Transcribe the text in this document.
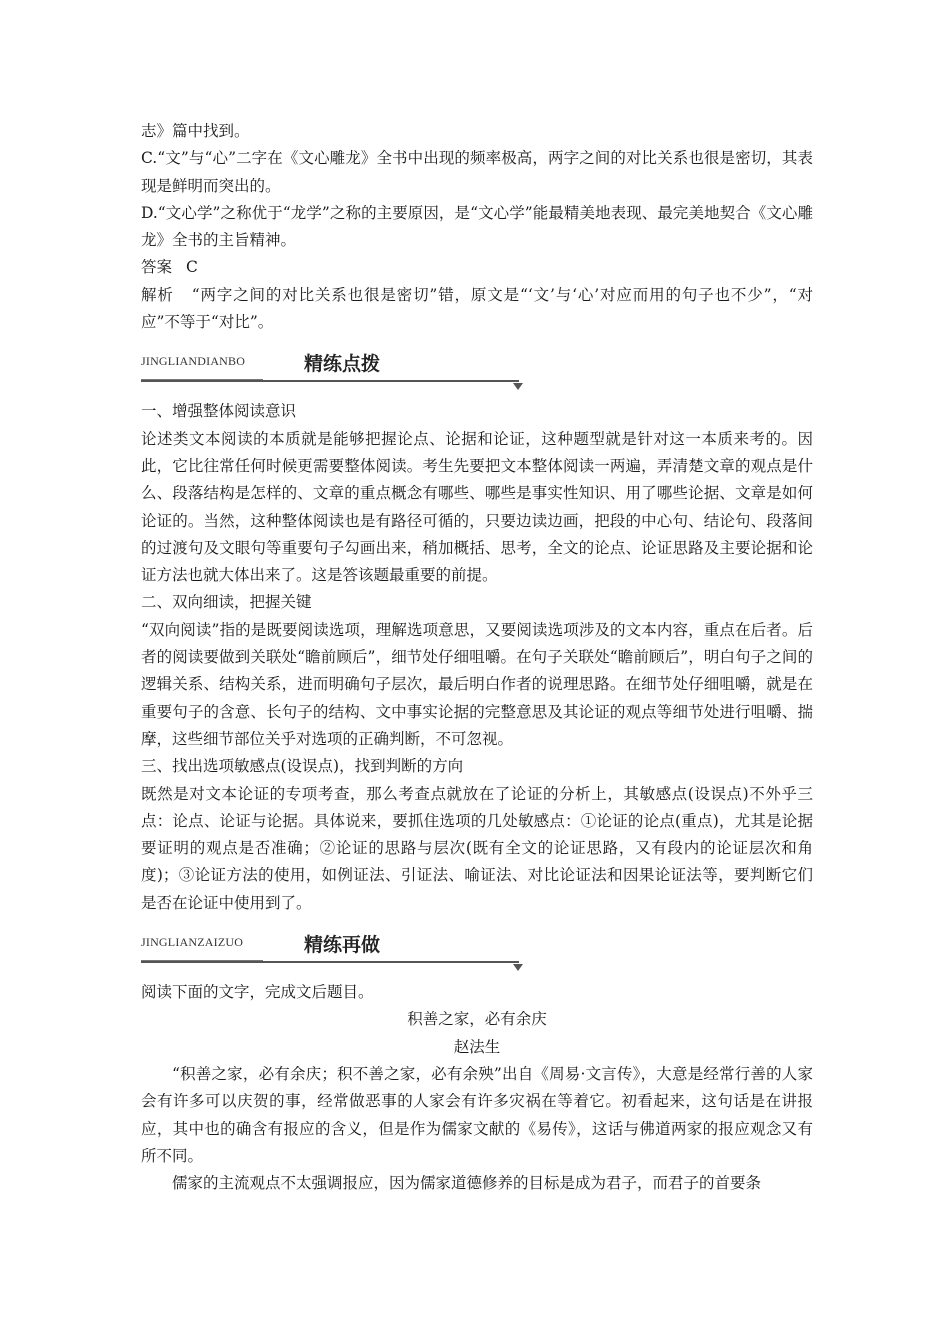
志》篇中找到。

C.“文”与“心”二字在《文心雕龙》全书中出现的频率极高，两字之间的对比关系也很是密切，其表现是鲜明而突出的。

D.“文心学”之称优于“龙学”之称的主要原因，是“文心学”能最精美地表现、最完美地契合《文心雕龙》全书的主旨精神。

答案 C

解析 “两字之间的对比关系也很是密切”错，原文是“‘文’与‘心’对应而用的句子也不少”，“对应”不等于“对比”。

JINGLIANDIANBO	精练点拨

一、增强整体阅读意识

论述类文本阅读的本质就是能够把握论点、论据和论证，这种题型就是针对这一本质来考的。因此，它比往常任何时候更需要整体阅读。考生先要把文本整体阅读一两遍，弄清楚文章的观点是什么、段落结构是怎样的、文章的重点概念有哪些、哪些是事实性知识、用了哪些论据、文章是如何论证的。当然，这种整体阅读也是有路径可循的，只要边读边画，把段的中心句、结论句、段落间的过渡句及文眼句等重要句子勾画出来，稍加概括、思考，全文的论点、论证思路及主要论据和论证方法也就大体出来了。这是答该题最重要的前提。

二、双向细读，把握关键

“双向阅读”指的是既要阅读选项，理解选项意思，又要阅读选项涉及的文本内容，重点在后者。后者的阅读要做到关联处“瞻前顾后”，细节处仔细咀嚼。在句子关联处“瞻前顾后”，明白句子之间的逻辑关系、结构关系，进而明确句子层次，最后明白作者的说理思路。在细节处仔细咀嚼，就是在重要句子的含意、长句子的结构、文中事实论据的完整意思及其论证的观点等细节处进行咀嚼、揣摩，这些细节部位关乎对选项的正确判断，不可忽视。

三、找出选项敏感点(设误点)，找到判断的方向

既然是对文本论证的专项考查，那么考查点就放在了论证的分析上，其敏感点(设误点)不外乎三点：论点、论证与论据。具体说来，要抓住选项的几处敏感点：①论证的论点(重点)，尤其是论据要证明的观点是否准确；②论证的思路与层次(既有全文的论证思路，又有段内的论证层次和角度)；③论证方法的使用，如例证法、引证法、喻证法、对比论证法和因果论证法等，要判断它们是否在论证中使用到了。

JINGLIANZAIZUO	精练再做

阅读下面的文字，完成文后题目。

积善之家，必有余庆

赵法生

“积善之家，必有余庆；积不善之家，必有余殃”出自《周易·文言传》，大意是经常行善的人家会有许多可以庆贺的事，经常做恶事的人家会有许多灾祸在等着它。初看起来，这句话是在讲报应，其中也的确含有报应的含义，但是作为儒家文献的《易传》，这话与佛道两家的报应观念又有所不同。

儒家的主流观点不太强调报应，因为儒家道德修养的目标是成为君子，而君子的首要条
